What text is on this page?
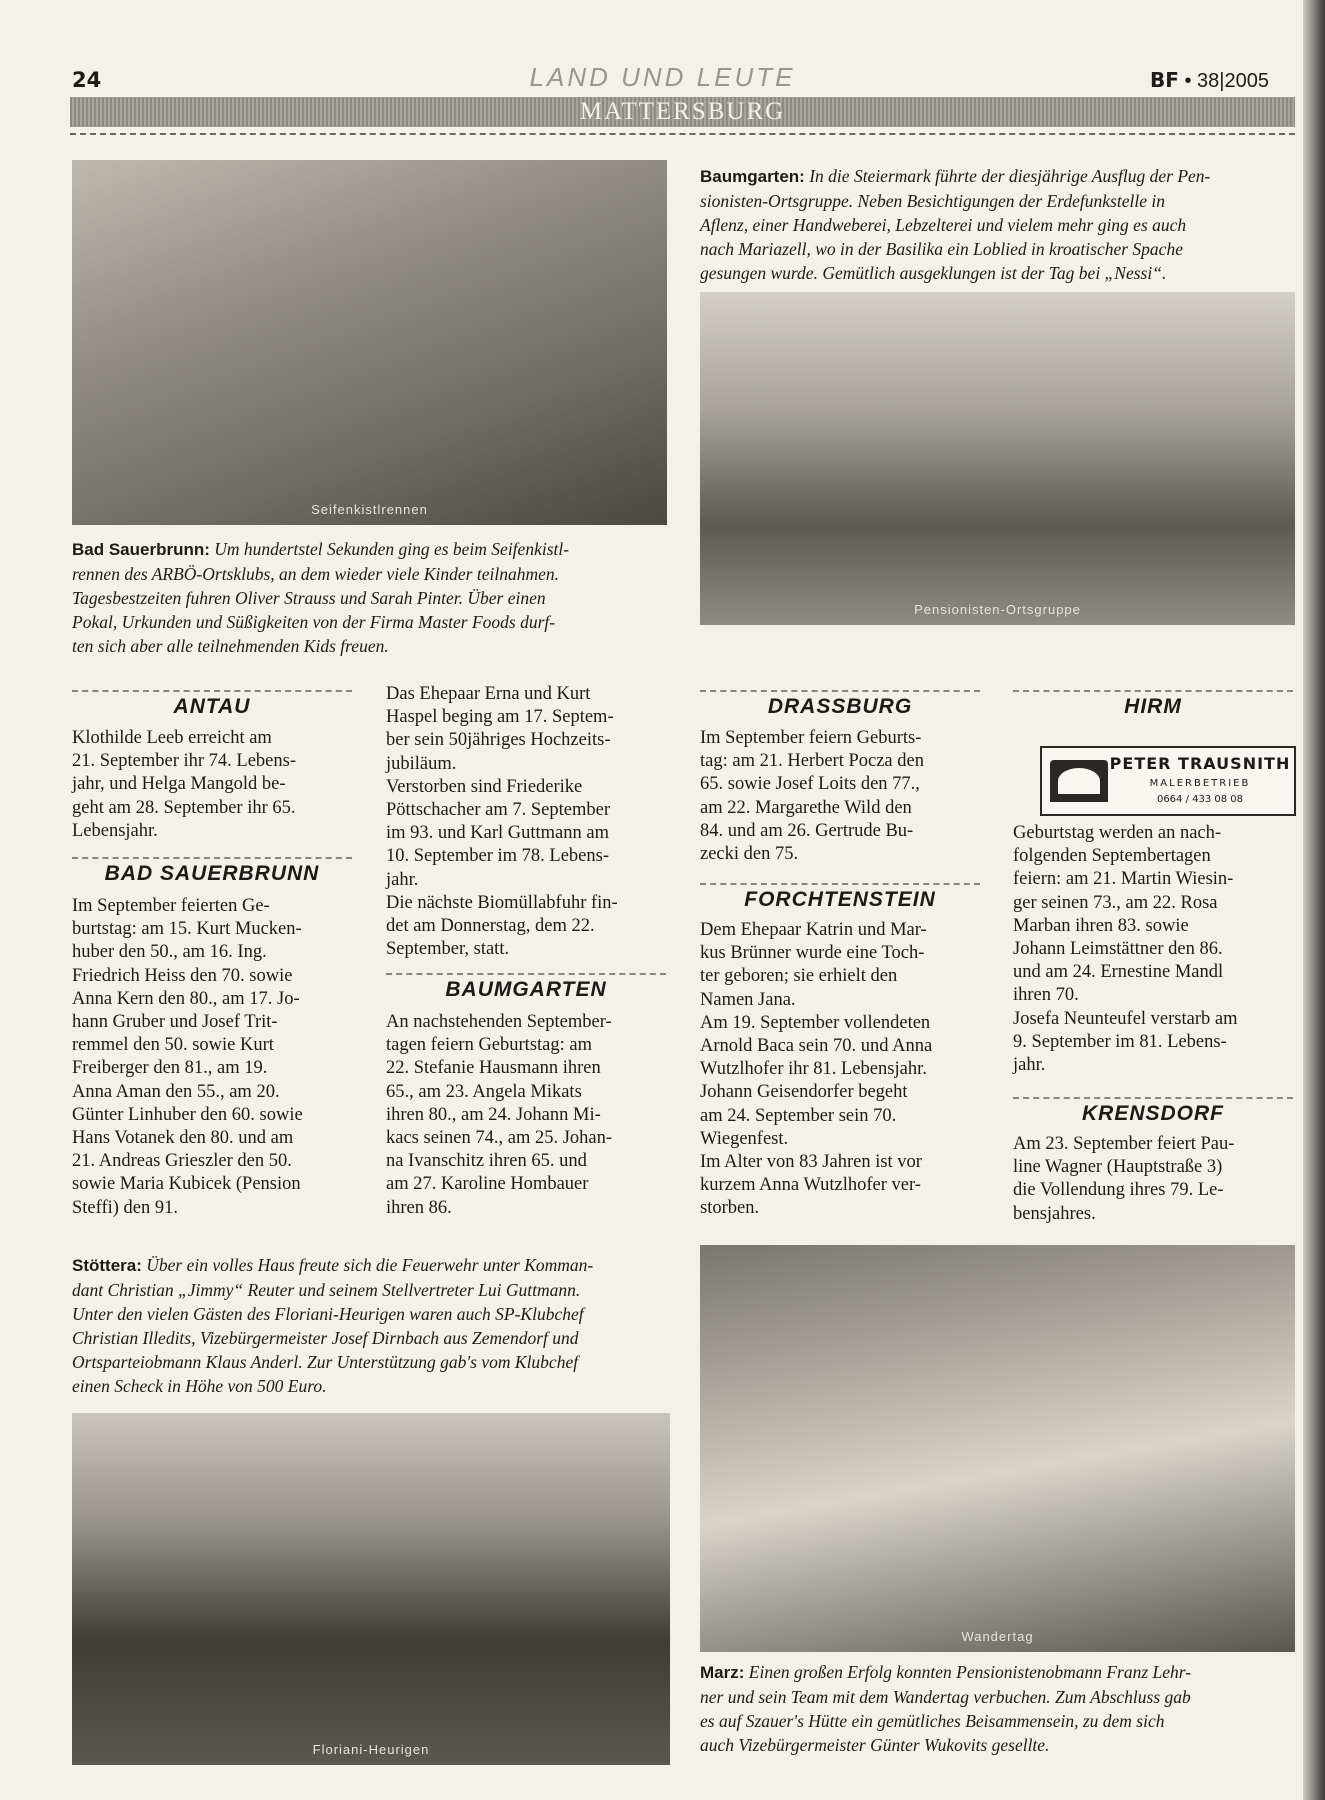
24	LAND UND LEUTE	BF • 38|2005
MATTERSBURG
Seifenkistlrennen
Baumgarten: In die Steiermark führte der diesjährige Ausflug der Pen-
sionisten-Ortsgruppe. Neben Besichtigungen der Erdefunkstelle in
Aflenz, einer Handweberei, Lebzelterei und vielem mehr ging es auch
nach Mariazell, wo in der Basilika ein Loblied in kroatischer Spache
gesungen wurde. Gemütlich ausgeklungen ist der Tag bei „Nessi“.
Pensionisten-Ortsgruppe
Bad Sauerbrunn: Um hundertstel Sekunden ging es beim Seifenkistl-
rennen des ARBÖ-Ortsklubs, an dem wieder viele Kinder teilnahmen.
Tagesbestzeiten fuhren Oliver Strauss und Sarah Pinter. Über einen
Pokal, Urkunden und Süßigkeiten von der Firma Master Foods durf-
ten sich aber alle teilnehmenden Kids freuen.
ANTAU
Klothilde Leeb erreicht am
21. September ihr 74. Lebens-
jahr, und Helga Mangold be-
geht am 28. September ihr 65.
Lebensjahr.
BAD SAUERBRUNN
Im September feierten Ge-
burtstag: am 15. Kurt Mucken-
huber den 50., am 16. Ing.
Friedrich Heiss den 70. sowie
Anna Kern den 80., am 17. Jo-
hann Gruber und Josef Trit-
remmel den 50. sowie Kurt
Freiberger den 81., am 19.
Anna Aman den 55., am 20.
Günter Linhuber den 60. sowie
Hans Votanek den 80. und am
21. Andreas Grieszler den 50.
sowie Maria Kubicek (Pension
Steffi) den 91.
Das Ehepaar Erna und Kurt
Haspel beging am 17. Septem-
ber sein 50jähriges Hochzeits-
jubiläum.
Verstorben sind Friederike
Pöttschacher am 7. September
im 93. und Karl Guttmann am
10. September im 78. Lebens-
jahr.
Die nächste Biomüllabfuhr fin-
det am Donnerstag, dem 22.
September, statt.
BAUMGARTEN
An nachstehenden September-
tagen feiern Geburtstag: am
22. Stefanie Hausmann ihren
65., am 23. Angela Mikats
ihren 80., am 24. Johann Mi-
kacs seinen 74., am 25. Johan-
na Ivanschitz ihren 65. und
am 27. Karoline Hombauer
ihren 86.
DRASSBURG
Im September feiern Geburts-
tag: am 21. Herbert Pocza den
65. sowie Josef Loits den 77.,
am 22. Margarethe Wild den
84. und am 26. Gertrude Bu-
zecki den 75.
FORCHTENSTEIN
Dem Ehepaar Katrin und Mar-
kus Brünner wurde eine Toch-
ter geboren; sie erhielt den
Namen Jana.
Am 19. September vollendeten
Arnold Baca sein 70. und Anna
Wutzlhofer ihr 81. Lebensjahr.
Johann Geisendorfer begeht
am 24. September sein 70.
Wiegenfest.
Im Alter von 83 Jahren ist vor
kurzem Anna Wutzlhofer ver-
storben.
HIRM
PETER TRAUSNITH
MALERBETRIEB
0664 / 433 08 08
Geburtstag werden an nach-
folgenden Septembertagen
feiern: am 21. Martin Wiesin-
ger seinen 73., am 22. Rosa
Marban ihren 83. sowie
Johann Leimstättner den 86.
und am 24. Ernestine Mandl
ihren 70.
Josefa Neunteufel verstarb am
9. September im 81. Lebens-
jahr.
KRENSDORF
Am 23. September feiert Pau-
line Wagner (Hauptstraße 3)
die Vollendung ihres 79. Le-
bensjahres.
Stöttera: Über ein volles Haus freute sich die Feuerwehr unter Komman-
dant Christian „Jimmy“ Reuter und seinem Stellvertreter Lui Guttmann.
Unter den vielen Gästen des Floriani-Heurigen waren auch SP-Klubchef
Christian Illedits, Vizebürgermeister Josef Dirnbach aus Zemendorf und
Ortsparteiobmann Klaus Anderl. Zur Unterstützung gab's vom Klubchef
einen Scheck in Höhe von 500 Euro.
Floriani-Heurigen
Wandertag
Marz: Einen großen Erfolg konnten Pensionistenobmann Franz Lehr-
ner und sein Team mit dem Wandertag verbuchen. Zum Abschluss gab
es auf Szauer's Hütte ein gemütliches Beisammensein, zu dem sich
auch Vizebürgermeister Günter Wukovits gesellte.
